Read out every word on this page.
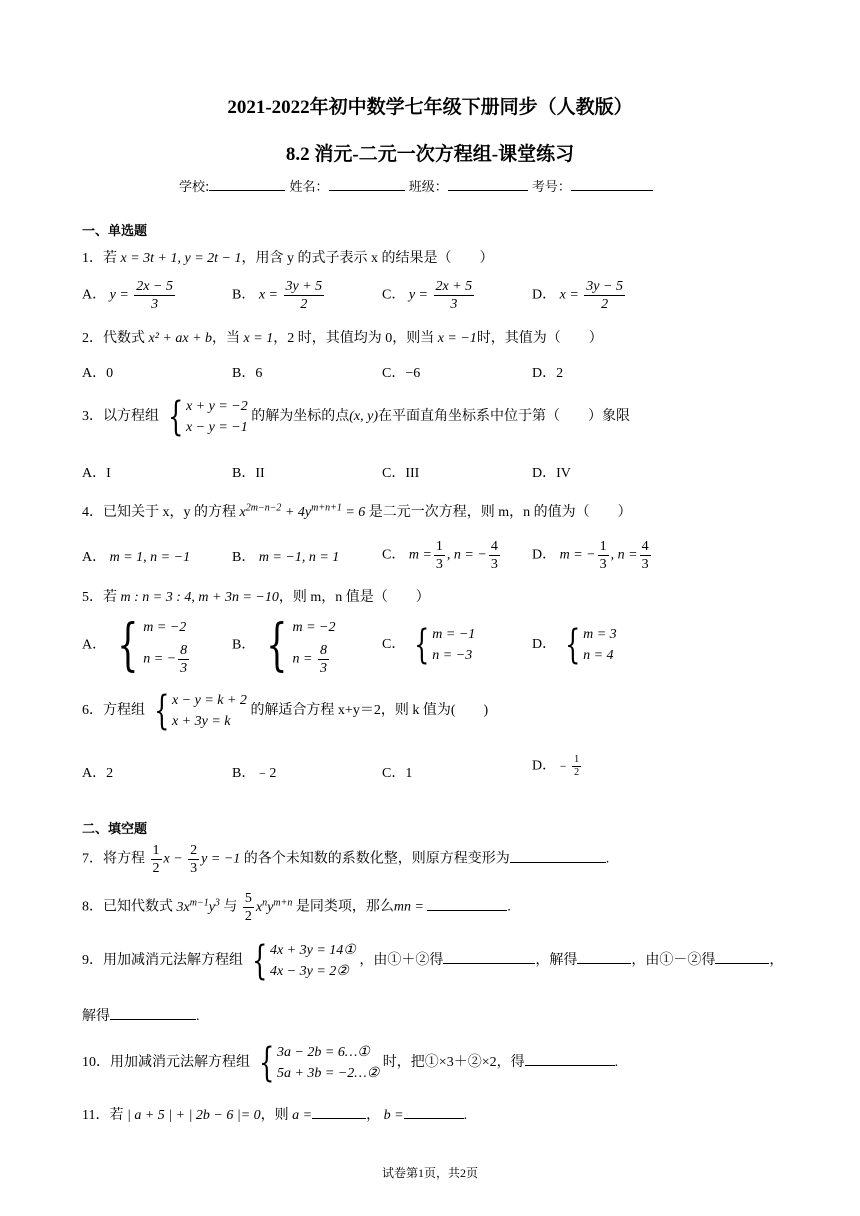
2021-2022年初中数学七年级下册同步（人教版）
8.2 消元-二元一次方程组-课堂练习
学校:	姓名：	班级：	考号：
一、单选题
1．若 x = 3t + 1, y = 2t − 1，用含 y 的式子表示 x 的结果是（　　）
A． $y = \frac{2x - 5}{3}$	B． $x = \frac{3y + 5}{2}$	C． $y = \frac{2x + 5}{3}$	D． $x = \frac{3y - 5}{2}$
2．代数式 x² + ax + b，当 x = 1，2 时，其值均为 0，则当 x = −1时，其值为（　　）
A．0	B．6	C．−6	D．2
3．以方程组 { x + y = −2
x − y = −1
的解为坐标的点(x, y)在平面直角坐标系中位于第（　　）象限
A．I	B．II	C．III	D．IV
4．已知关于 x，y 的方程 $x^{2m-n-2} + 4y^{m+n+1} = 6$ 是二元一次方程，则 m，n 的值为（　　）
A． m = 1, n = −1	B． m = −1, n = 1	C． $m = \frac{1}{3}$ , n = − $\frac{4}{3}$ D． m = − $\frac{1}{3}$ , $n = \frac{4}{3}$
5．若 m : n = 3 : 4, m + 3n = −10，则 m，n 值是（　　）
A． { m = −2
n = − $\frac{8}{3}$	B． { m = −2
$n = \frac{8}{3}$	C． { m = −1
n = −3
D． { m = 3
n = 4
6．方程组 { x − y = k + 2
x + 3y = k
的解适合方程 x+y＝2，则 k 值为(　　)
A．2	B．﹣2	C．1	D．﹣ $\frac{1}{2}$
二、填空题
7．将方程 $\frac{1}{2}$ $x - \frac{2}{3}$ y = −1 的各个未知数的系数化整，则原方程变形为	.
8．已知代数式 $3x^{m-1}y^3$ 与 $\frac{5}{2} x^ny^{m+n}$ 是同类项，那么mn =	.
9．用加减消元法解方程组 { 4x + 3y = 14①
4x − 3y = 2②
，由①＋②得	，解得	，由①－②得	，
解得	.
10．用加减消元法解方程组 { 3a − 2b = 6…①
5a + 3b = −2…②
时，把①×3＋②×2，得	.
11．若 | a + 5 | + | 2b − 6 |= 0，则 a =	， b =	.
试卷第1页，共2页
